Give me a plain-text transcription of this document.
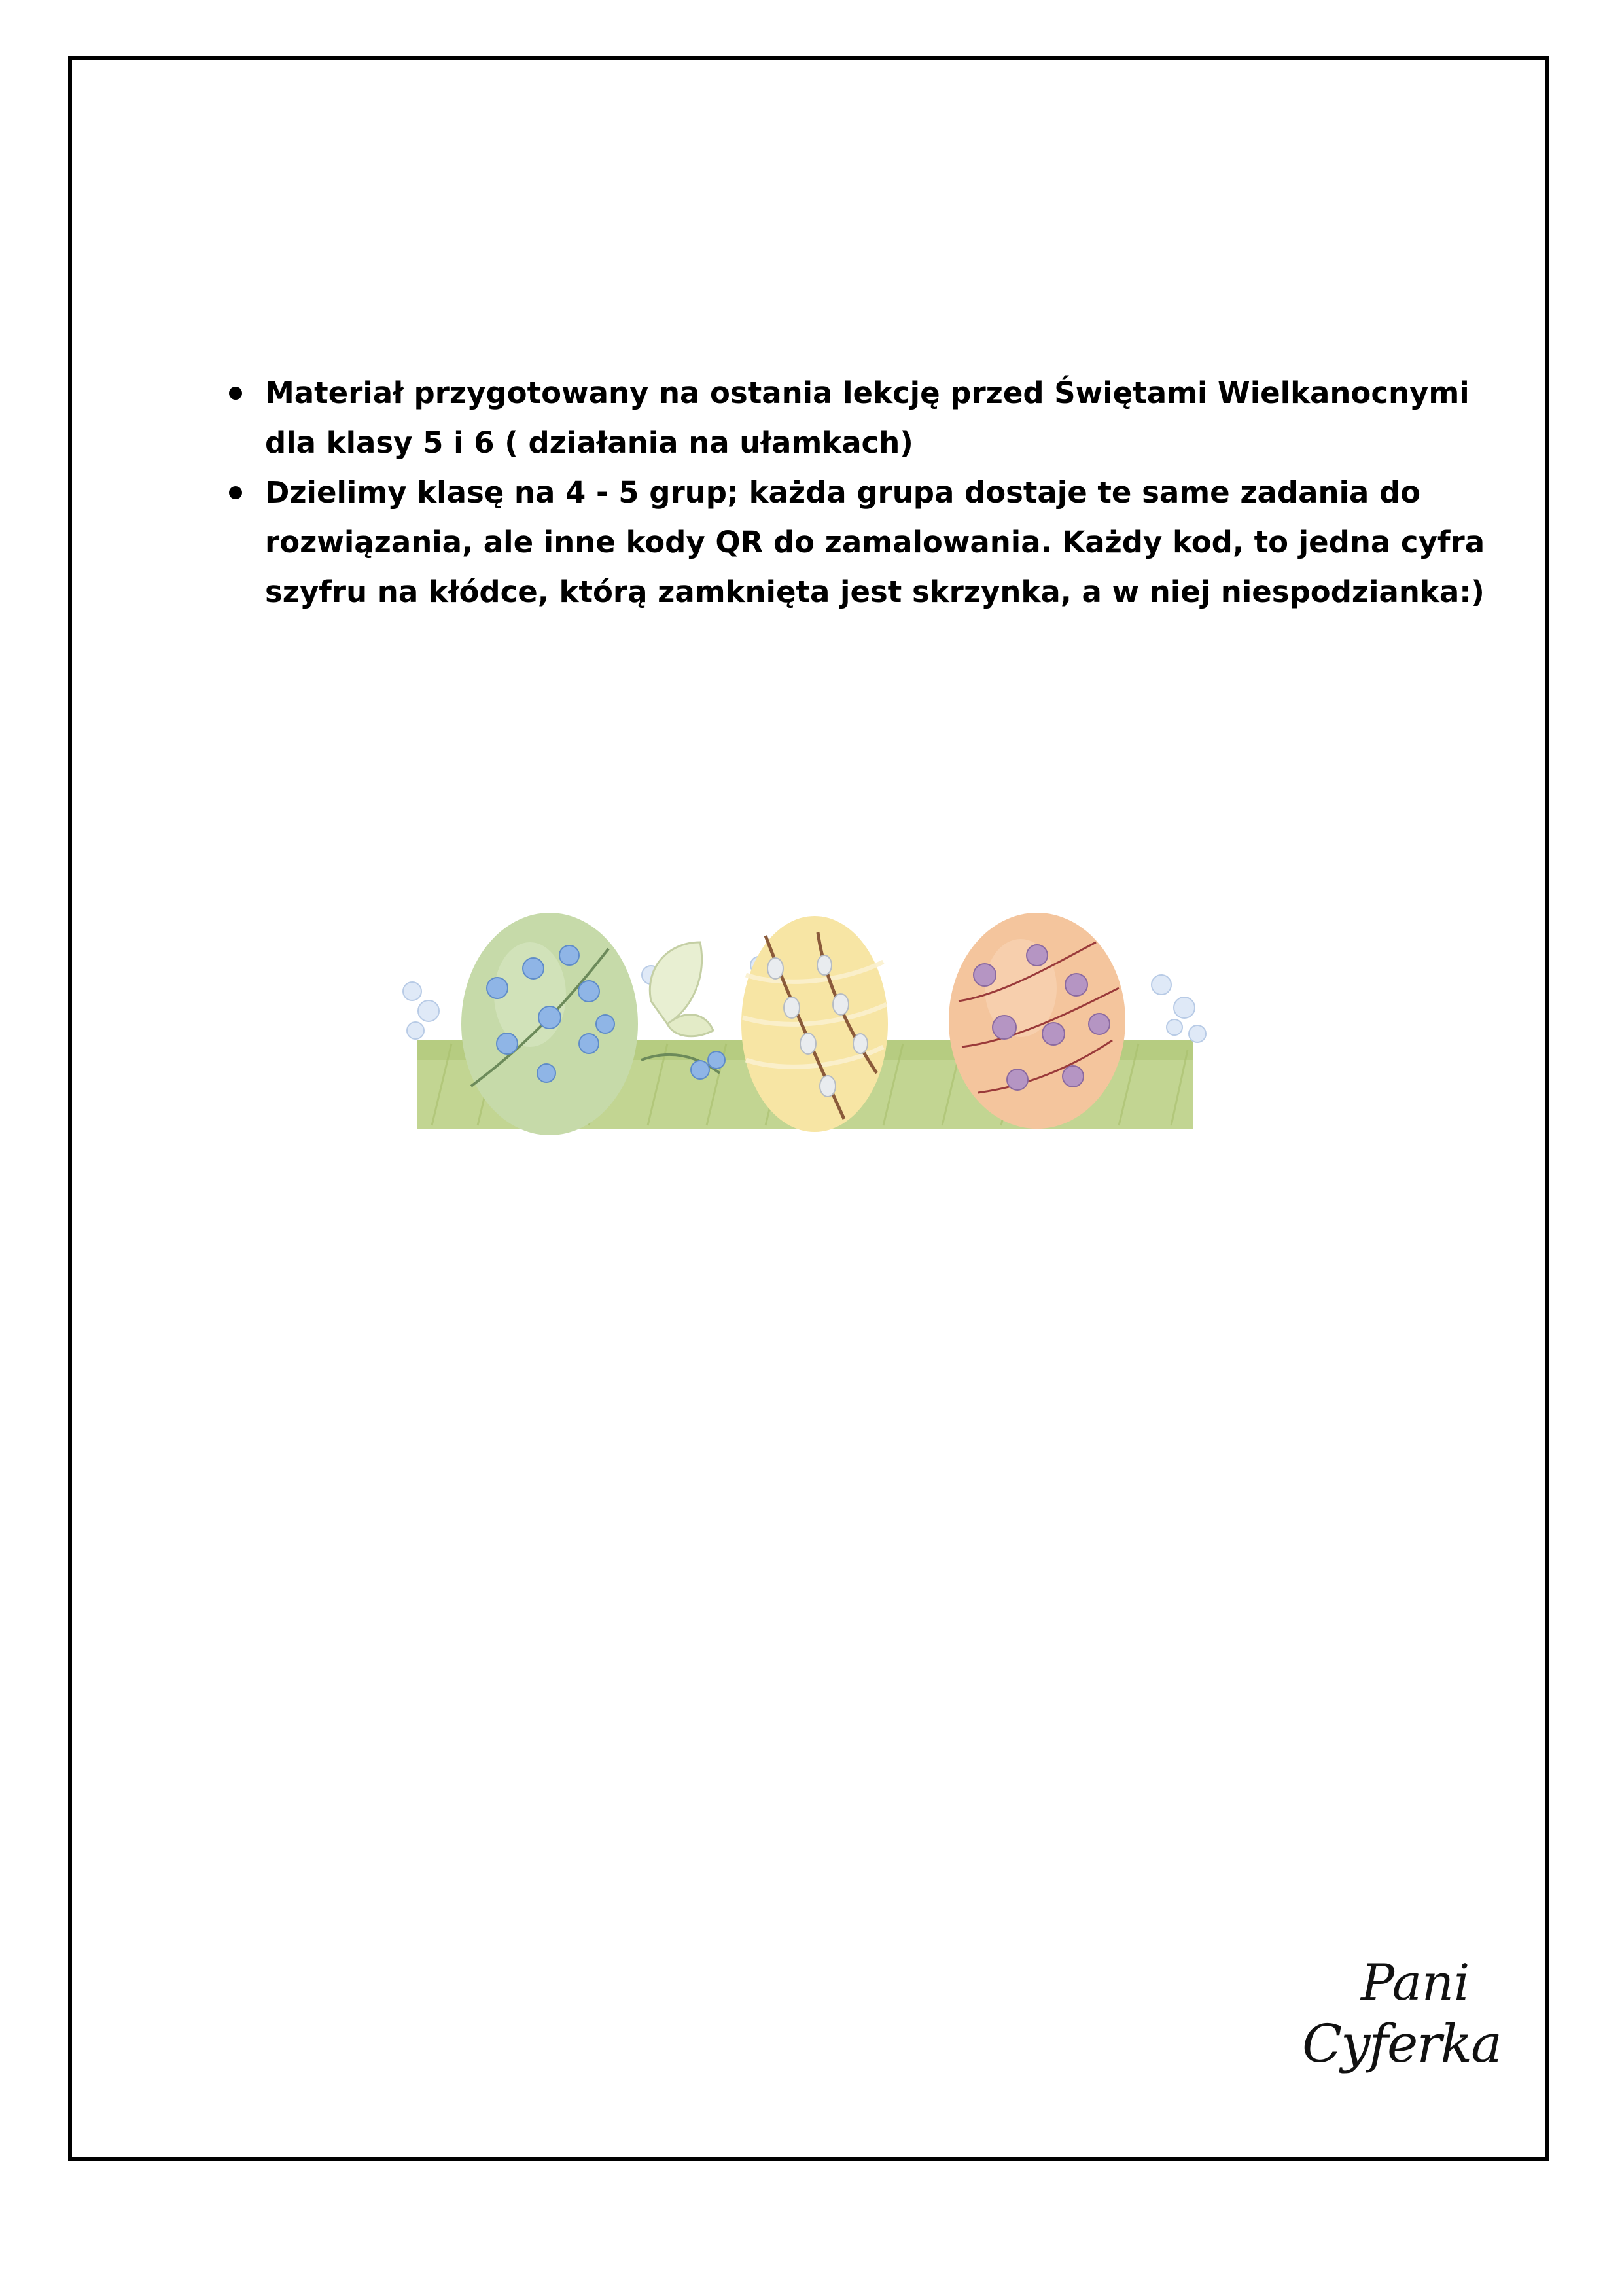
Materiał przygotowany na ostania lekcję przed Świętami Wielkanocnymi dla klasy 5 i 6 ( działania na ułamkach)
Dzielimy klasę na 4 - 5 grup; każda grupa dostaje te same zadania do rozwiązania, ale inne kody QR do zamalowania. Każdy kod, to jedna cyfra szyfru na kłódce, którą zamknięta jest skrzynka, a w niej niespodzianka:)
Pani
Cyferka
